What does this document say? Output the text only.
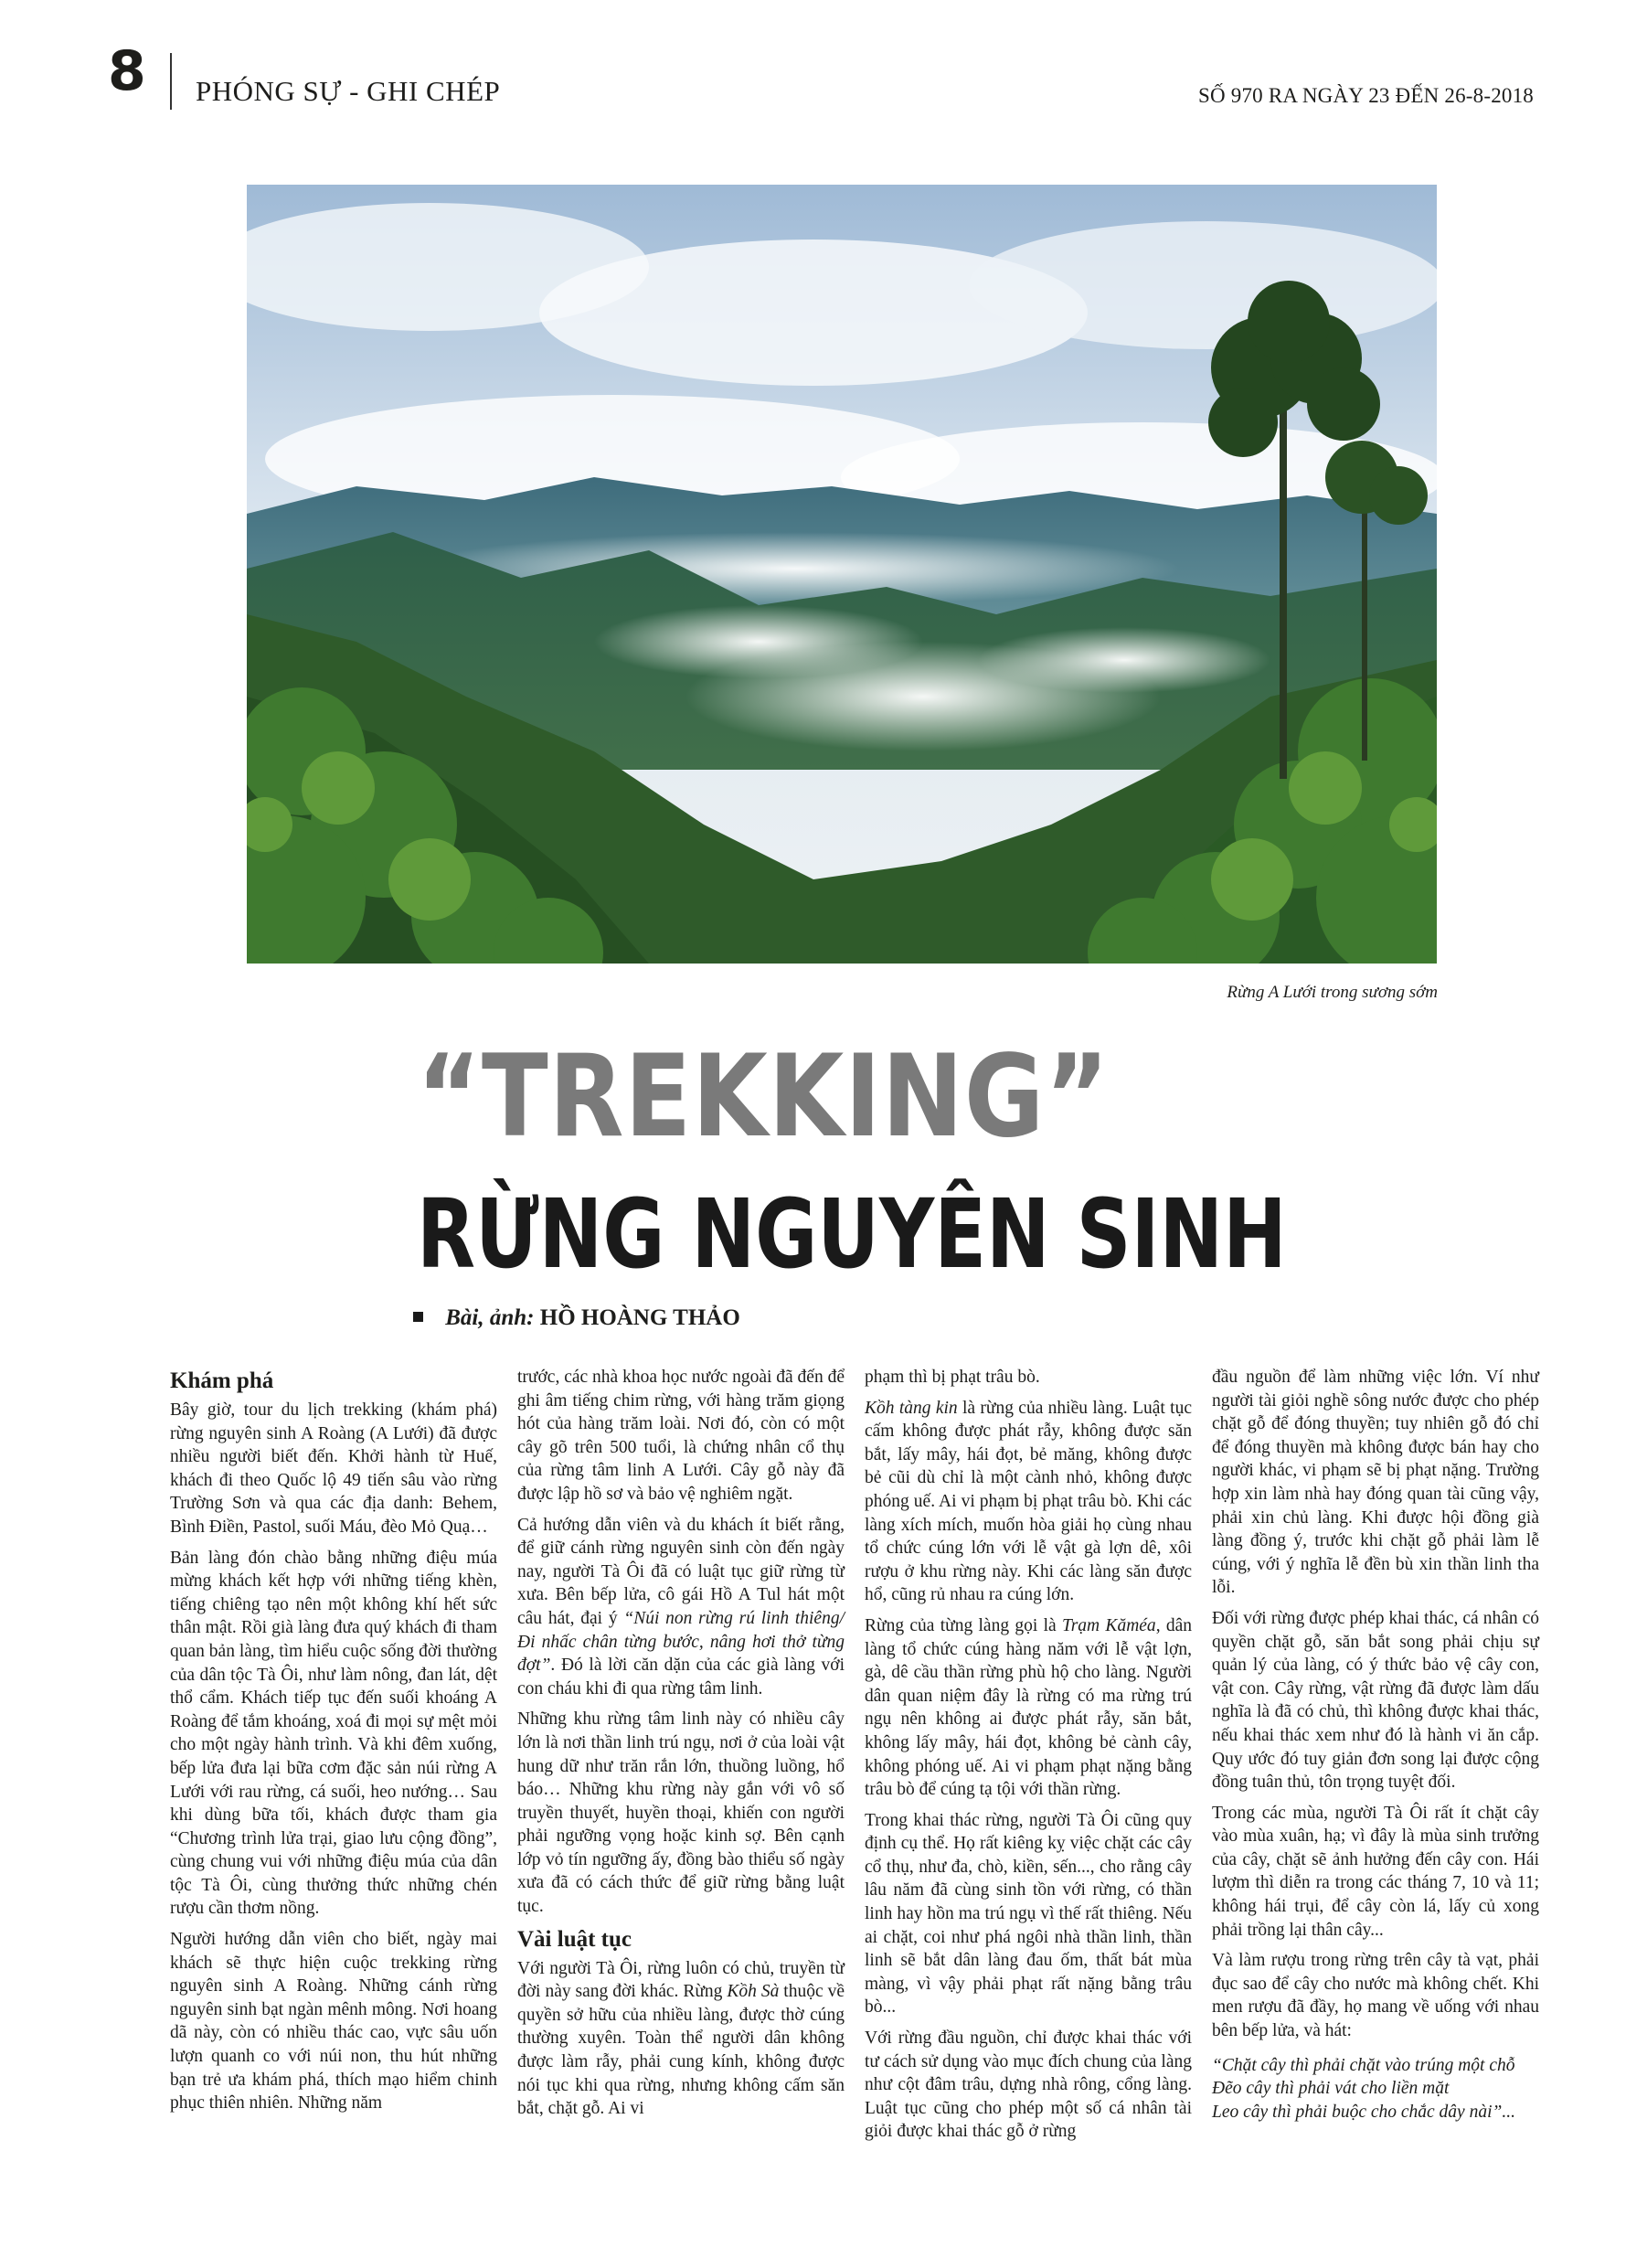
8 PHÓNG SỰ - GHI CHÉP	SỐ 970 RA NGÀY 23 ĐẾN 26-8-2018
Rừng A Lưới trong sương sớm
“TREKKING”
RỪNG NGUYÊN SINH
Bài, ảnh: HỒ HOÀNG THẢO
Khám phá

Bây giờ, tour du lịch trekking (khám phá) rừng nguyên sinh A Roàng (A Lưới) đã được nhiều người biết đến. Khởi hành từ Huế, khách đi theo Quốc lộ 49 tiến sâu vào rừng Trường Sơn và qua các địa danh: Behem, Bình Điền, Pastol, suối Máu, đèo Mỏ Quạ…

Bản làng đón chào bằng những điệu múa mừng khách kết hợp với những tiếng khèn, tiếng chiêng tạo nên một không khí hết sức thân mật. Rồi già làng đưa quý khách đi tham quan bản làng, tìm hiểu cuộc sống đời thường của dân tộc Tà Ôi, như làm nông, đan lát, dệt thổ cẩm. Khách tiếp tục đến suối khoáng A Roàng để tắm khoáng, xoá đi mọi sự mệt mỏi cho một ngày hành trình. Và khi đêm xuống, bếp lửa đưa lại bữa cơm đặc sản núi rừng A Lưới với rau rừng, cá suối, heo nướng… Sau khi dùng bữa tối, khách được tham gia “Chương trình lửa trại, giao lưu cộng đồng”, cùng chung vui với những điệu múa của dân tộc Tà Ôi, cùng thưởng thức những chén rượu cần thơm nồng.

Người hướng dẫn viên cho biết, ngày mai khách sẽ thực hiện cuộc trekking rừng nguyên sinh A Roàng. Những cánh rừng nguyên sinh bạt ngàn mênh mông. Nơi hoang dã này, còn có nhiều thác cao, vực sâu uốn lượn quanh co với núi non, thu hút những bạn trẻ ưa khám phá, thích mạo hiểm chinh phục thiên nhiên. Những năm

trước, các nhà khoa học nước ngoài đã đến để ghi âm tiếng chim rừng, với hàng trăm giọng hót của hàng trăm loài. Nơi đó, còn có một cây gõ trên 500 tuổi, là chứng nhân cổ thụ của rừng tâm linh A Lưới. Cây gỗ này đã được lập hồ sơ và bảo vệ nghiêm ngặt.

Cả hướng dẫn viên và du khách ít biết rằng, để giữ cánh rừng nguyên sinh còn đến ngày nay, người Tà Ôi đã có luật tục giữ rừng từ xưa. Bên bếp lửa, cô gái Hồ A Tul hát một câu hát, đại ý “Núi non rừng rú linh thiêng/Đi nhấc chân từng bước, nâng hơi thở từng đợt”. Đó là lời căn dặn của các già làng với con cháu khi đi qua rừng tâm linh.

Những khu rừng tâm linh này có nhiều cây lớn là nơi thần linh trú ngụ, nơi ở của loài vật hung dữ như trăn rắn lớn, thuồng luồng, hổ báo… Những khu rừng này gắn với vô số truyền thuyết, huyền thoại, khiến con người phải ngưỡng vọng hoặc kinh sợ. Bên cạnh lớp vỏ tín ngưỡng ấy, đồng bào thiểu số ngày xưa đã có cách thức để giữ rừng bằng luật tục.

Vài luật tục

Với người Tà Ôi, rừng luôn có chủ, truyền từ đời này sang đời khác. Rừng Kồh Sà thuộc về quyền sở hữu của nhiều làng, được thờ cúng thường xuyên. Toàn thể người dân không được làm rẫy, phải cung kính, không được nói tục khi qua rừng, nhưng không cấm săn bắt, chặt gỗ. Ai vi

phạm thì bị phạt trâu bò.

Kồh tàng kin là rừng của nhiều làng. Luật tục cấm không được phát rẫy, không được săn bắt, lấy mây, hái đọt, bẻ măng, không được bẻ cũi dù chỉ là một cành nhỏ, không được phóng uế. Ai vi phạm bị phạt trâu bò. Khi các làng xích mích, muốn hòa giải họ cùng nhau tổ chức cúng lớn với lễ vật gà lợn dê, xôi rượu ở khu rừng này. Khi các làng săn được hổ, cũng rủ nhau ra cúng lớn.

Rừng của từng làng gọi là Trạm Kăméa, dân làng tổ chức cúng hàng năm với lễ vật lợn, gà, dê cầu thần rừng phù hộ cho làng. Người dân quan niệm đây là rừng có ma rừng trú ngụ nên không ai được phát rẫy, săn bắt, không lấy mây, hái đọt, không bẻ cành cây, không phóng uế. Ai vi phạm phạt nặng bằng trâu bò để cúng tạ tội với thần rừng.

Trong khai thác rừng, người Tà Ôi cũng quy định cụ thể. Họ rất kiêng kỵ việc chặt các cây cổ thụ, như đa, chò, kiền, sến..., cho rằng cây lâu năm đã cùng sinh tồn với rừng, có thần linh hay hồn ma trú ngụ vì thế rất thiêng. Nếu ai chặt, coi như phá ngôi nhà thần linh, thần linh sẽ bắt dân làng đau ốm, thất bát mùa màng, vì vậy phải phạt rất nặng bằng trâu bò...

Với rừng đầu nguồn, chỉ được khai thác với tư cách sử dụng vào mục đích chung của làng như cột đâm trâu, dựng nhà rông, cổng làng. Luật tục cũng cho phép một số cá nhân tài giỏi được khai thác gỗ ở rừng

đầu nguồn để làm những việc lớn. Ví như người tài giỏi nghề sông nước được cho phép chặt gỗ để đóng thuyền; tuy nhiên gỗ đó chỉ để đóng thuyền mà không được bán hay cho người khác, vi phạm sẽ bị phạt nặng. Trường hợp xin làm nhà hay đóng quan tài cũng vậy, phải xin chủ làng. Khi được hội đồng già làng đồng ý, trước khi chặt gỗ phải làm lễ cúng, với ý nghĩa lễ đền bù xin thần linh tha lỗi.

Đối với rừng được phép khai thác, cá nhân có quyền chặt gỗ, săn bắt song phải chịu sự quản lý của làng, có ý thức bảo vệ cây con, vật con. Cây rừng, vật rừng đã được làm dấu nghĩa là đã có chủ, thì không được khai thác, nếu khai thác xem như đó là hành vi ăn cắp. Quy ước đó tuy giản đơn song lại được cộng đồng tuân thủ, tôn trọng tuyệt đối.

Trong các mùa, người Tà Ôi rất ít chặt cây vào mùa xuân, hạ; vì đây là mùa sinh trưởng của cây, chặt sẽ ảnh hưởng đến cây con. Hái lượm thì diễn ra trong các tháng 7, 10 và 11; không hái trụi, để cây còn lá, lấy củ xong phải trồng lại thân cây...

Và làm rượu trong rừng trên cây tà vạt, phải đục sao để cây cho nước mà không chết. Khi men rượu đã đầy, họ mang về uống với nhau bên bếp lửa, và hát:

“Chặt cây thì phải chặt vào trúng một chỗ
Đẽo cây thì phải vát cho liền mặt
Leo cây thì phải buộc cho chắc dây nài”...
